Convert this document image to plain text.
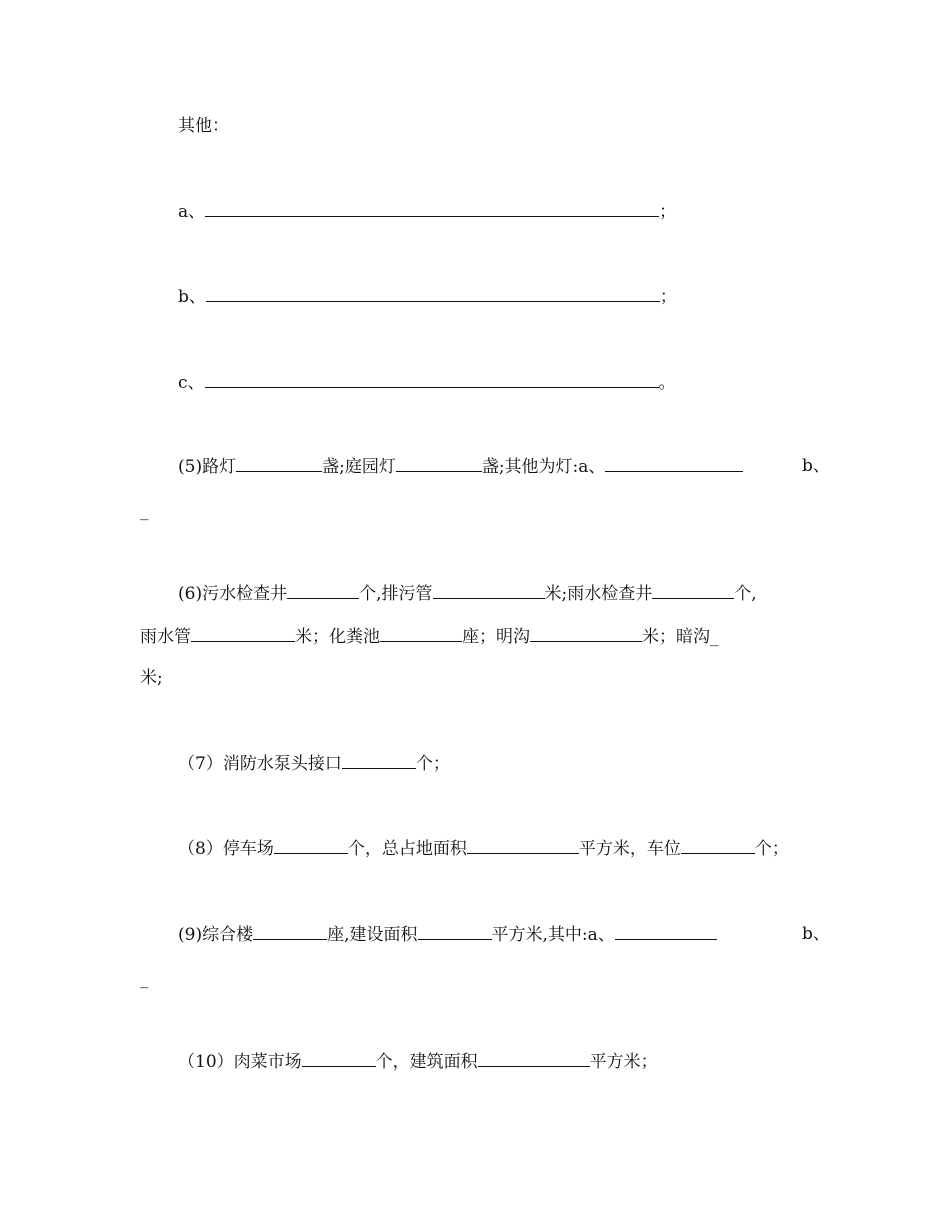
其他：
a、	；
b、	；
c、	。
(5)路灯	盏;庭园灯	盏;其他为灯:a、	b、
_
(6)污水检查井	个,排污管	米;雨水检查井	个,
雨水管	米；化粪池	座；明沟	米；暗沟_
米;
（7）消防水泵头接口	个；
（8）停车场	个，总占地面积	平方米，车位	个；
(9)综合楼	座,建设面积	平方米,其中:a、	b、
_
（10）肉菜市场	个，建筑面积	平方米；
